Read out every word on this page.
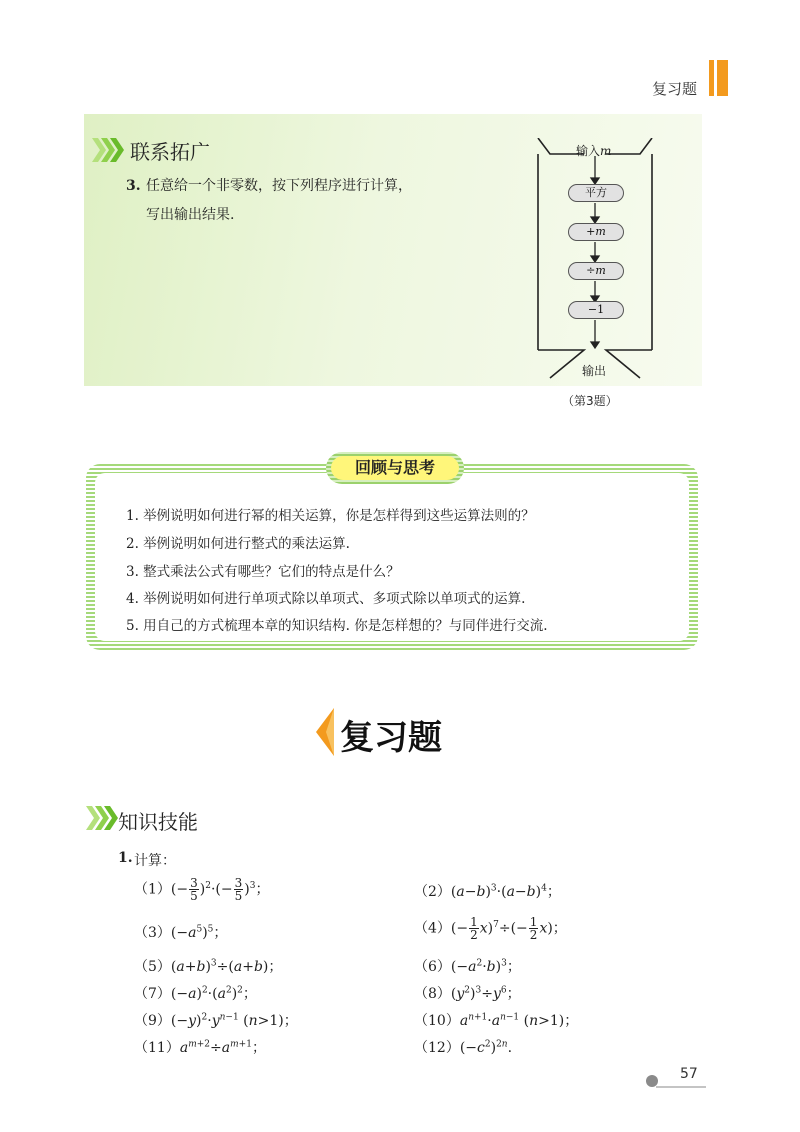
复习题
联系拓广
3. 任意给一个非零数，按下列程序进行计算，
写出输出结果.
输入m
平方
+m
÷m
−1
输出
（第3题）
回顾与思考
1. 举例说明如何进行幂的相关运算，你是怎样得到这些运算法则的？
2. 举例说明如何进行整式的乘法运算.
3. 整式乘法公式有哪些？它们的特点是什么？
4. 举例说明如何进行单项式除以单项式、多项式除以单项式的运算.
5. 用自己的方式梳理本章的知识结构. 你是怎样想的？与同伴进行交流.
复习题
知识技能
1. 计算：
$(1)(- \frac{3}{5} )^2\cdot(- \frac{3}{5} )^3$；	$(2)(a-b)^3\cdot(a-b)^4$；
$(3)(-a^5)^5$；	$(4)(- \frac{1}{2} x)^7\div(- \frac{1}{2} x)$；
$(5)(a+b)^3\div(a+b)$；	$(6)(-a^2\cdot b)^3$；
$(7)(-a)^2\cdot(a^2)^2$；	$(8)(y^2)^3\div y^6$；
$(9)(-y)^2\cdot y^{n-1}$ (n>1)；	$(10)a^{n+1}\cdot a^{n-1}$ (n>1)；
$(11)a^{m+2}\div a^{m+1}$；	$(12)(-c^2)^{2n}$.
57
